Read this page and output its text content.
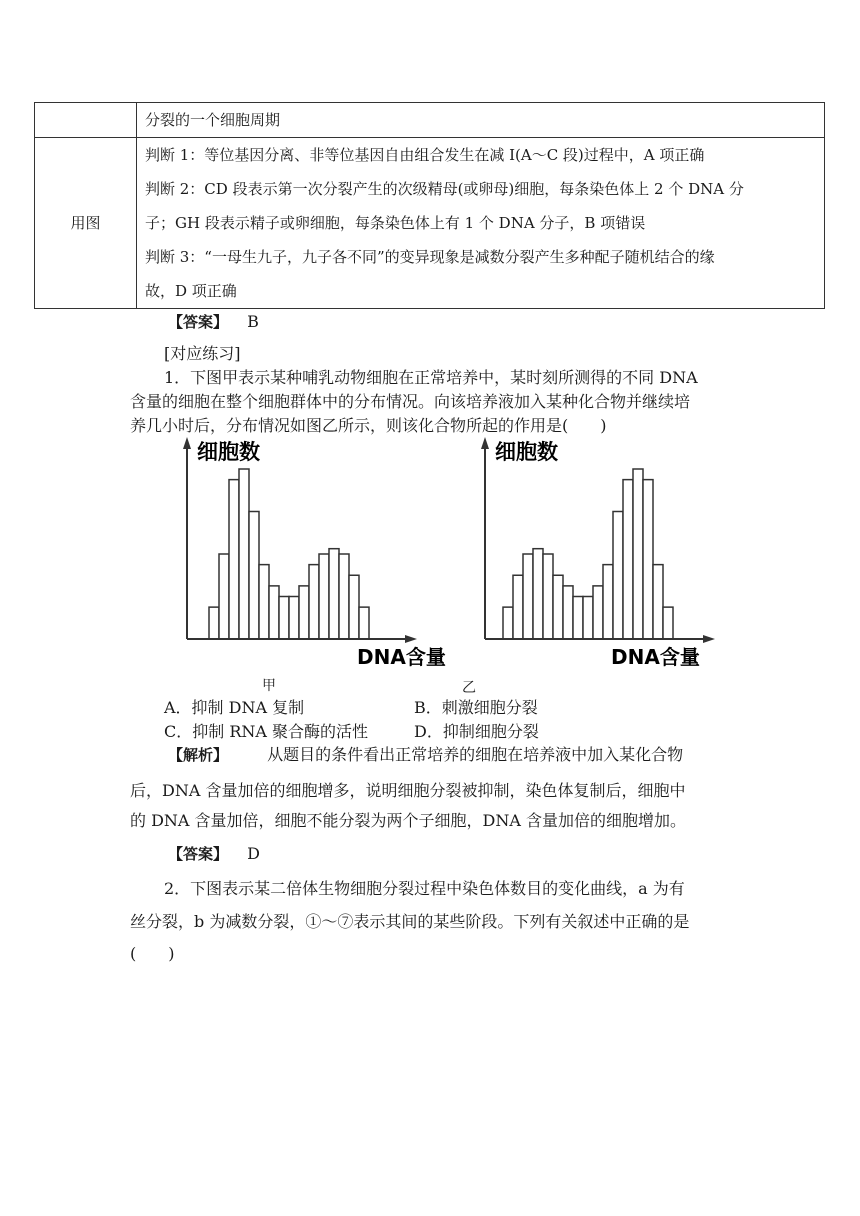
	分裂的一个细胞周期

用图	判断 1：等位基因分离、非等位基因自由组合发生在减 I(A～C 段)过程中，A 项正确
判断 2：CD 段表示第一次分裂产生的次级精母(或卵母)细胞，每条染色体上 2 个 DNA 分
子；GH 段表示精子或卵细胞，每条染色体上有 1 个 DNA 分子，B 项错误
判断 3：“一母生九子，九子各不同”的变异现象是减数分裂产生多种配子随机结合的缘
故，D 项正确
【答案】 B
[对应练习]
1．下图甲表示某种哺乳动物细胞在正常培养中，某时刻所测得的不同 DNA
含量的细胞在整个细胞群体中的分布情况。向该培养液加入某种化合物并继续培
养几小时后，分布情况如图乙所示，则该化合物所起的作用是(　　)
细胞数
DNA含量
细胞数
DNA含量
甲	乙
A．抑制 DNA 复制	B．刺激细胞分裂
C．抑制 RNA 聚合酶的活性	D．抑制细胞分裂
【解析】 从题目的条件看出正常培养的细胞在培养液中加入某化合物
后，DNA 含量加倍的细胞增多，说明细胞分裂被抑制，染色体复制后，细胞中
的 DNA 含量加倍，细胞不能分裂为两个子细胞，DNA 含量加倍的细胞增加。
【答案】 D
2．下图表示某二倍体生物细胞分裂过程中染色体数目的变化曲线，a 为有
丝分裂，b 为减数分裂，①～⑦表示其间的某些阶段。下列有关叙述中正确的是
(　　)
